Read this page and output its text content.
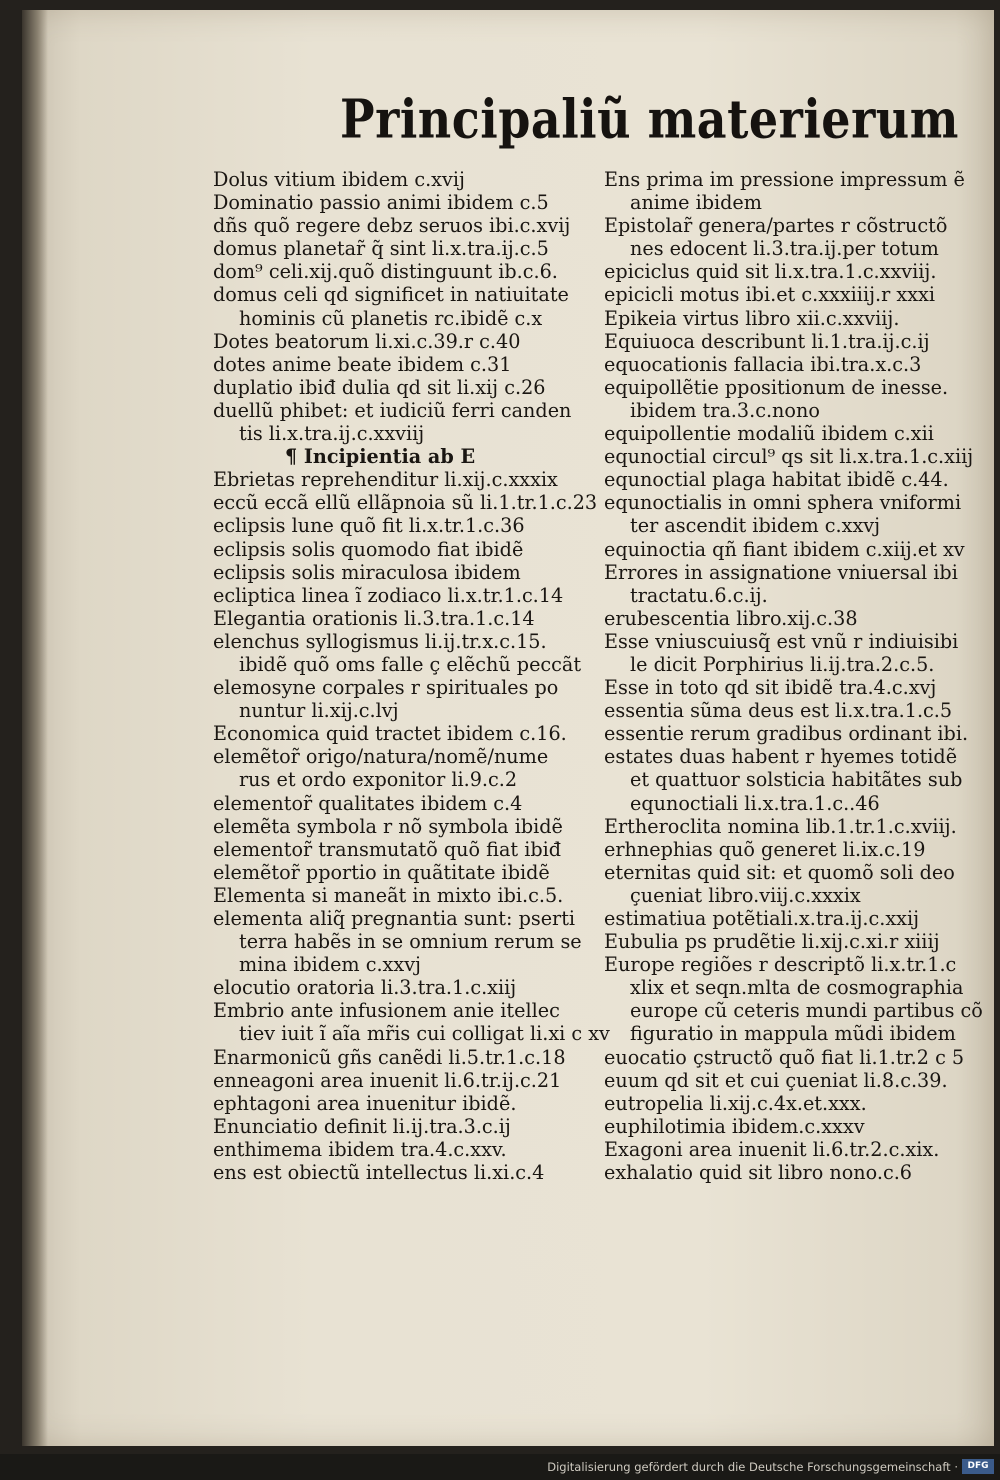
Principaliũ materierum
Dolus vitium ibidem c.xvij
Dominatio passio animi ibidem c.5
dñs quõ regere debz seruos ibi.c.xvij
domus planetar̃ q̃ sint li.x.tra.ij.c.5
dom⁹ celi.xij.quõ distinguunt ib.c.6.
domus celi qd significet in natiuitate
hominis cũ planetis rc.ibidẽ c.x
Dotes beatorum li.xi.c.39.r c.40
dotes anime beate ibidem c.31
duplatio ibiđ dulia qd sit li.xij c.26
duellũ phibet: et iudiciũ ferri canden
tis li.x.tra.ij.c.xxviij
¶ Incipientia ab E
Ebrietas reprehenditur li.xij.c.xxxix
eccũ eccã ellũ ellãpnoia sũ li.1.tr.1.c.23
eclipsis lune quõ fit li.x.tr.1.c.36
eclipsis solis quomodo fiat ibidẽ
eclipsis solis miraculosa ibidem
ecliptica linea ĩ zodiaco li.x.tr.1.c.14
Elegantia orationis li.3.tra.1.c.14
elenchus syllogismus li.ij.tr.x.c.15.
ibidẽ quõ oms falle ç elẽchũ peccãt
elemosyne corpales r spirituales po
nuntur li.xij.c.lvj
Economica quid tractet ibidem c.16.
elemẽtor̃ origo/natura/nomẽ/nume
rus et ordo exponitor li.9.c.2
elementor̃ qualitates ibidem c.4
elemẽta symbola r nõ symbola ibidẽ
elementor̃ transmutatõ quõ fiat ibiđ
elemẽtor̃ pportio in quãtitate ibidẽ
Elementa si maneãt in mixto ibi.c.5.
elementa aliq̃ pregnantia sunt: pserti
terra habẽs in se omnium rerum se
mina ibidem c.xxvj
elocutio oratoria li.3.tra.1.c.xiij
Embrio ante infusionem anie itellec
tiev iuit ĩ aĩa mr̃is cui colligat li.xi c xv
Enarmonicũ gñs canẽdi li.5.tr.1.c.18
enneagoni area inuenit li.6.tr.ij.c.21
ephtagoni area inuenitur ibidẽ.
Enunciatio definit li.ij.tra.3.c.ij
enthimema ibidem tra.4.c.xxv.
ens est obiectũ intellectus li.xi.c.4
Ens prima im pressione impressum ẽ
anime ibidem
Epistolar̃ genera/partes r cõstructõ
nes edocent li.3.tra.ij.per totum
epiciclus quid sit li.x.tra.1.c.xxviij.
epicicli motus ibi.et c.xxxiiij.r xxxi
Epikeia virtus libro xii.c.xxviij.
Equiuoca describunt li.1.tra.ij.c.ij
equocationis fallacia ibi.tra.x.c.3
equipollẽtie ppositionum de inesse.
ibidem tra.3.c.nono
equipollentie modaliũ ibidem c.xii
equnoctial circul⁹ qs sit li.x.tra.1.c.xiij
equnoctial plaga habitat ibidẽ c.44.
equnoctialis in omni sphera vniformi
ter ascendit ibidem c.xxvj
equinoctia qñ fiant ibidem c.xiij.et xv
Errores in assignatione vniuersal ibi
tractatu.6.c.ij.
erubescentia libro.xij.c.38
Esse vniuscuiusq̃ est vnũ r indiuisibi
le dicit Porphirius li.ij.tra.2.c.5.
Esse in toto qd sit ibidẽ tra.4.c.xvj
essentia sũma deus est li.x.tra.1.c.5
essentie rerum gradibus ordinant ibi.
estates duas habent r hyemes totidẽ
et quattuor solsticia habitãtes sub
equnoctiali li.x.tra.1.c..46
Ertheroclita nomina lib.1.tr.1.c.xviij.
erhnephias quõ generet li.ix.c.19
eternitas quid sit: et quomõ soli deo
çueniat libro.viij.c.xxxix
estimatiua potẽtiali.x.tra.ij.c.xxij
Eubulia ps prudẽtie li.xij.c.xi.r xiiij
Europe regiões r descriptõ li.x.tr.1.c
xlix et seqn.mlta de cosmographia
europe cũ ceteris mundi partibus cõ
figuratio in mappula mũdi ibidem
euocatio çstructõ quõ fiat li.1.tr.2 c 5
euum qd sit et cui çueniat li.8.c.39.
eutropelia li.xij.c.4x.et.xxx.
euphilotimia ibidem.c.xxxv
Exagoni area inuenit li.6.tr.2.c.xix.
exhalatio quid sit libro nono.c.6
Digitalisierung gefördert durch die Deutsche Forschungsgemeinschaft ·	DFG
